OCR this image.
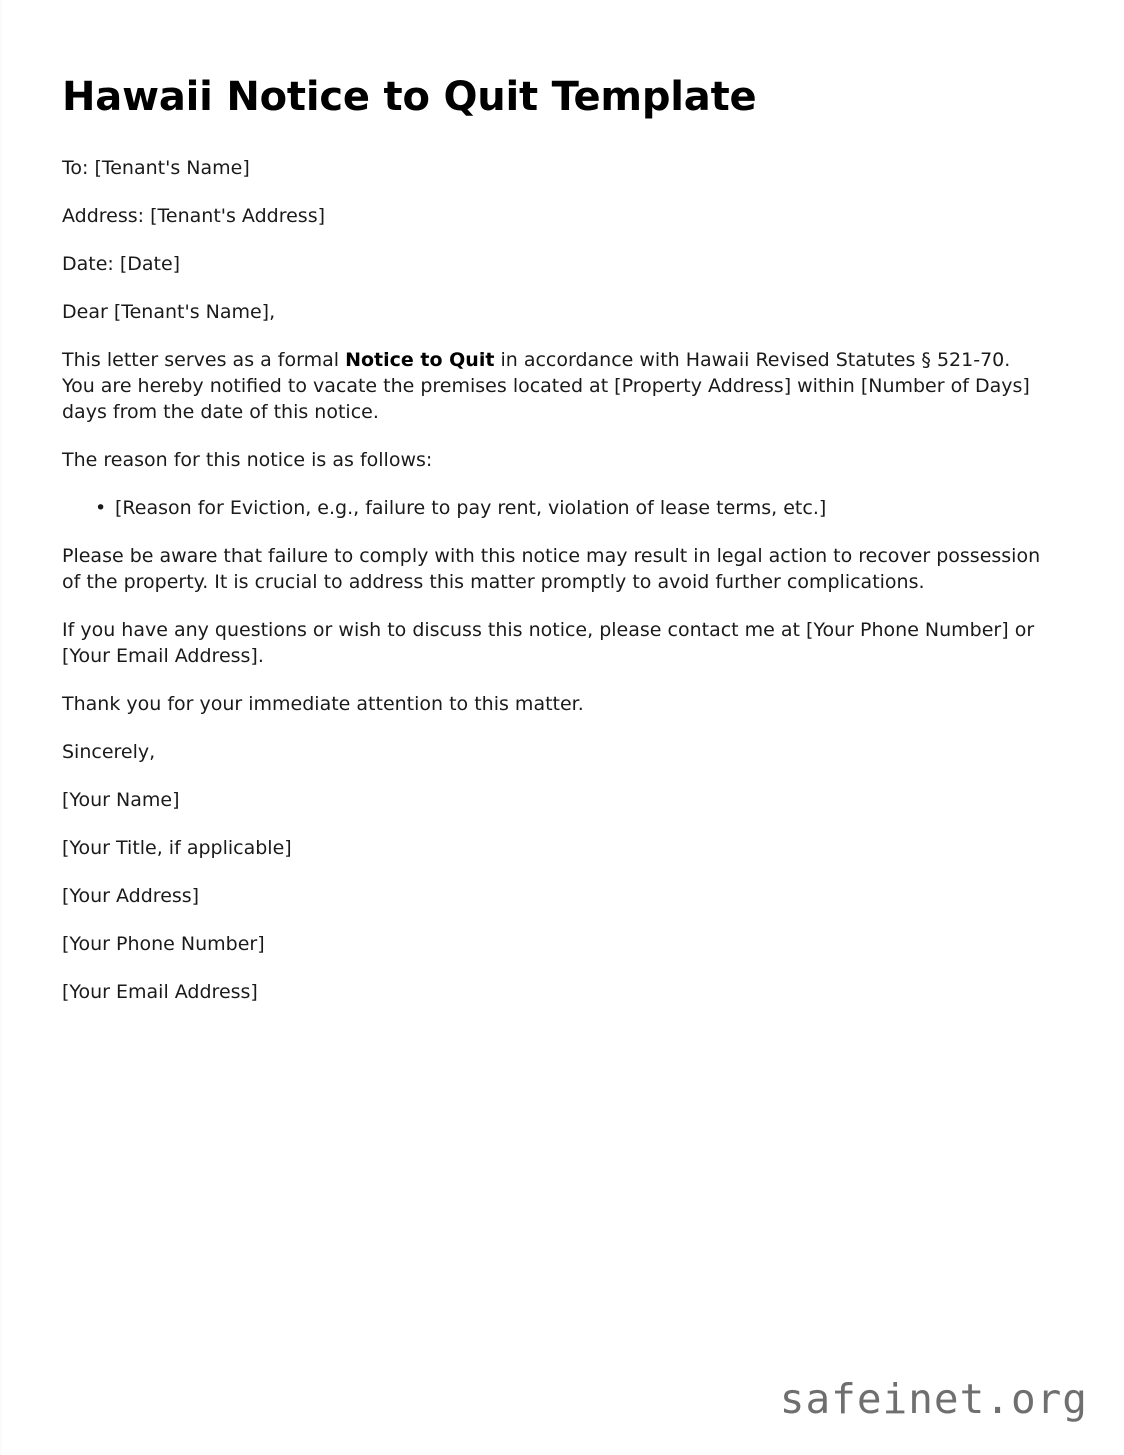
Hawaii Notice to Quit Template

To: [Tenant's Name]

Address: [Tenant's Address]

Date: [Date]

Dear [Tenant's Name],

This letter serves as a formal Notice to Quit in accordance with Hawaii Revised Statutes § 521-70. You are hereby notified to vacate the premises located at [Property Address] within [Number of Days] days from the date of this notice.

The reason for this notice is as follows:

• [Reason for Eviction, e.g., failure to pay rent, violation of lease terms, etc.]

Please be aware that failure to comply with this notice may result in legal action to recover possession of the property. It is crucial to address this matter promptly to avoid further complications.

If you have any questions or wish to discuss this notice, please contact me at [Your Phone Number] or [Your Email Address].

Thank you for your immediate attention to this matter.

Sincerely,

[Your Name]

[Your Title, if applicable]

[Your Address]

[Your Phone Number]

[Your Email Address]

safeinet.org
